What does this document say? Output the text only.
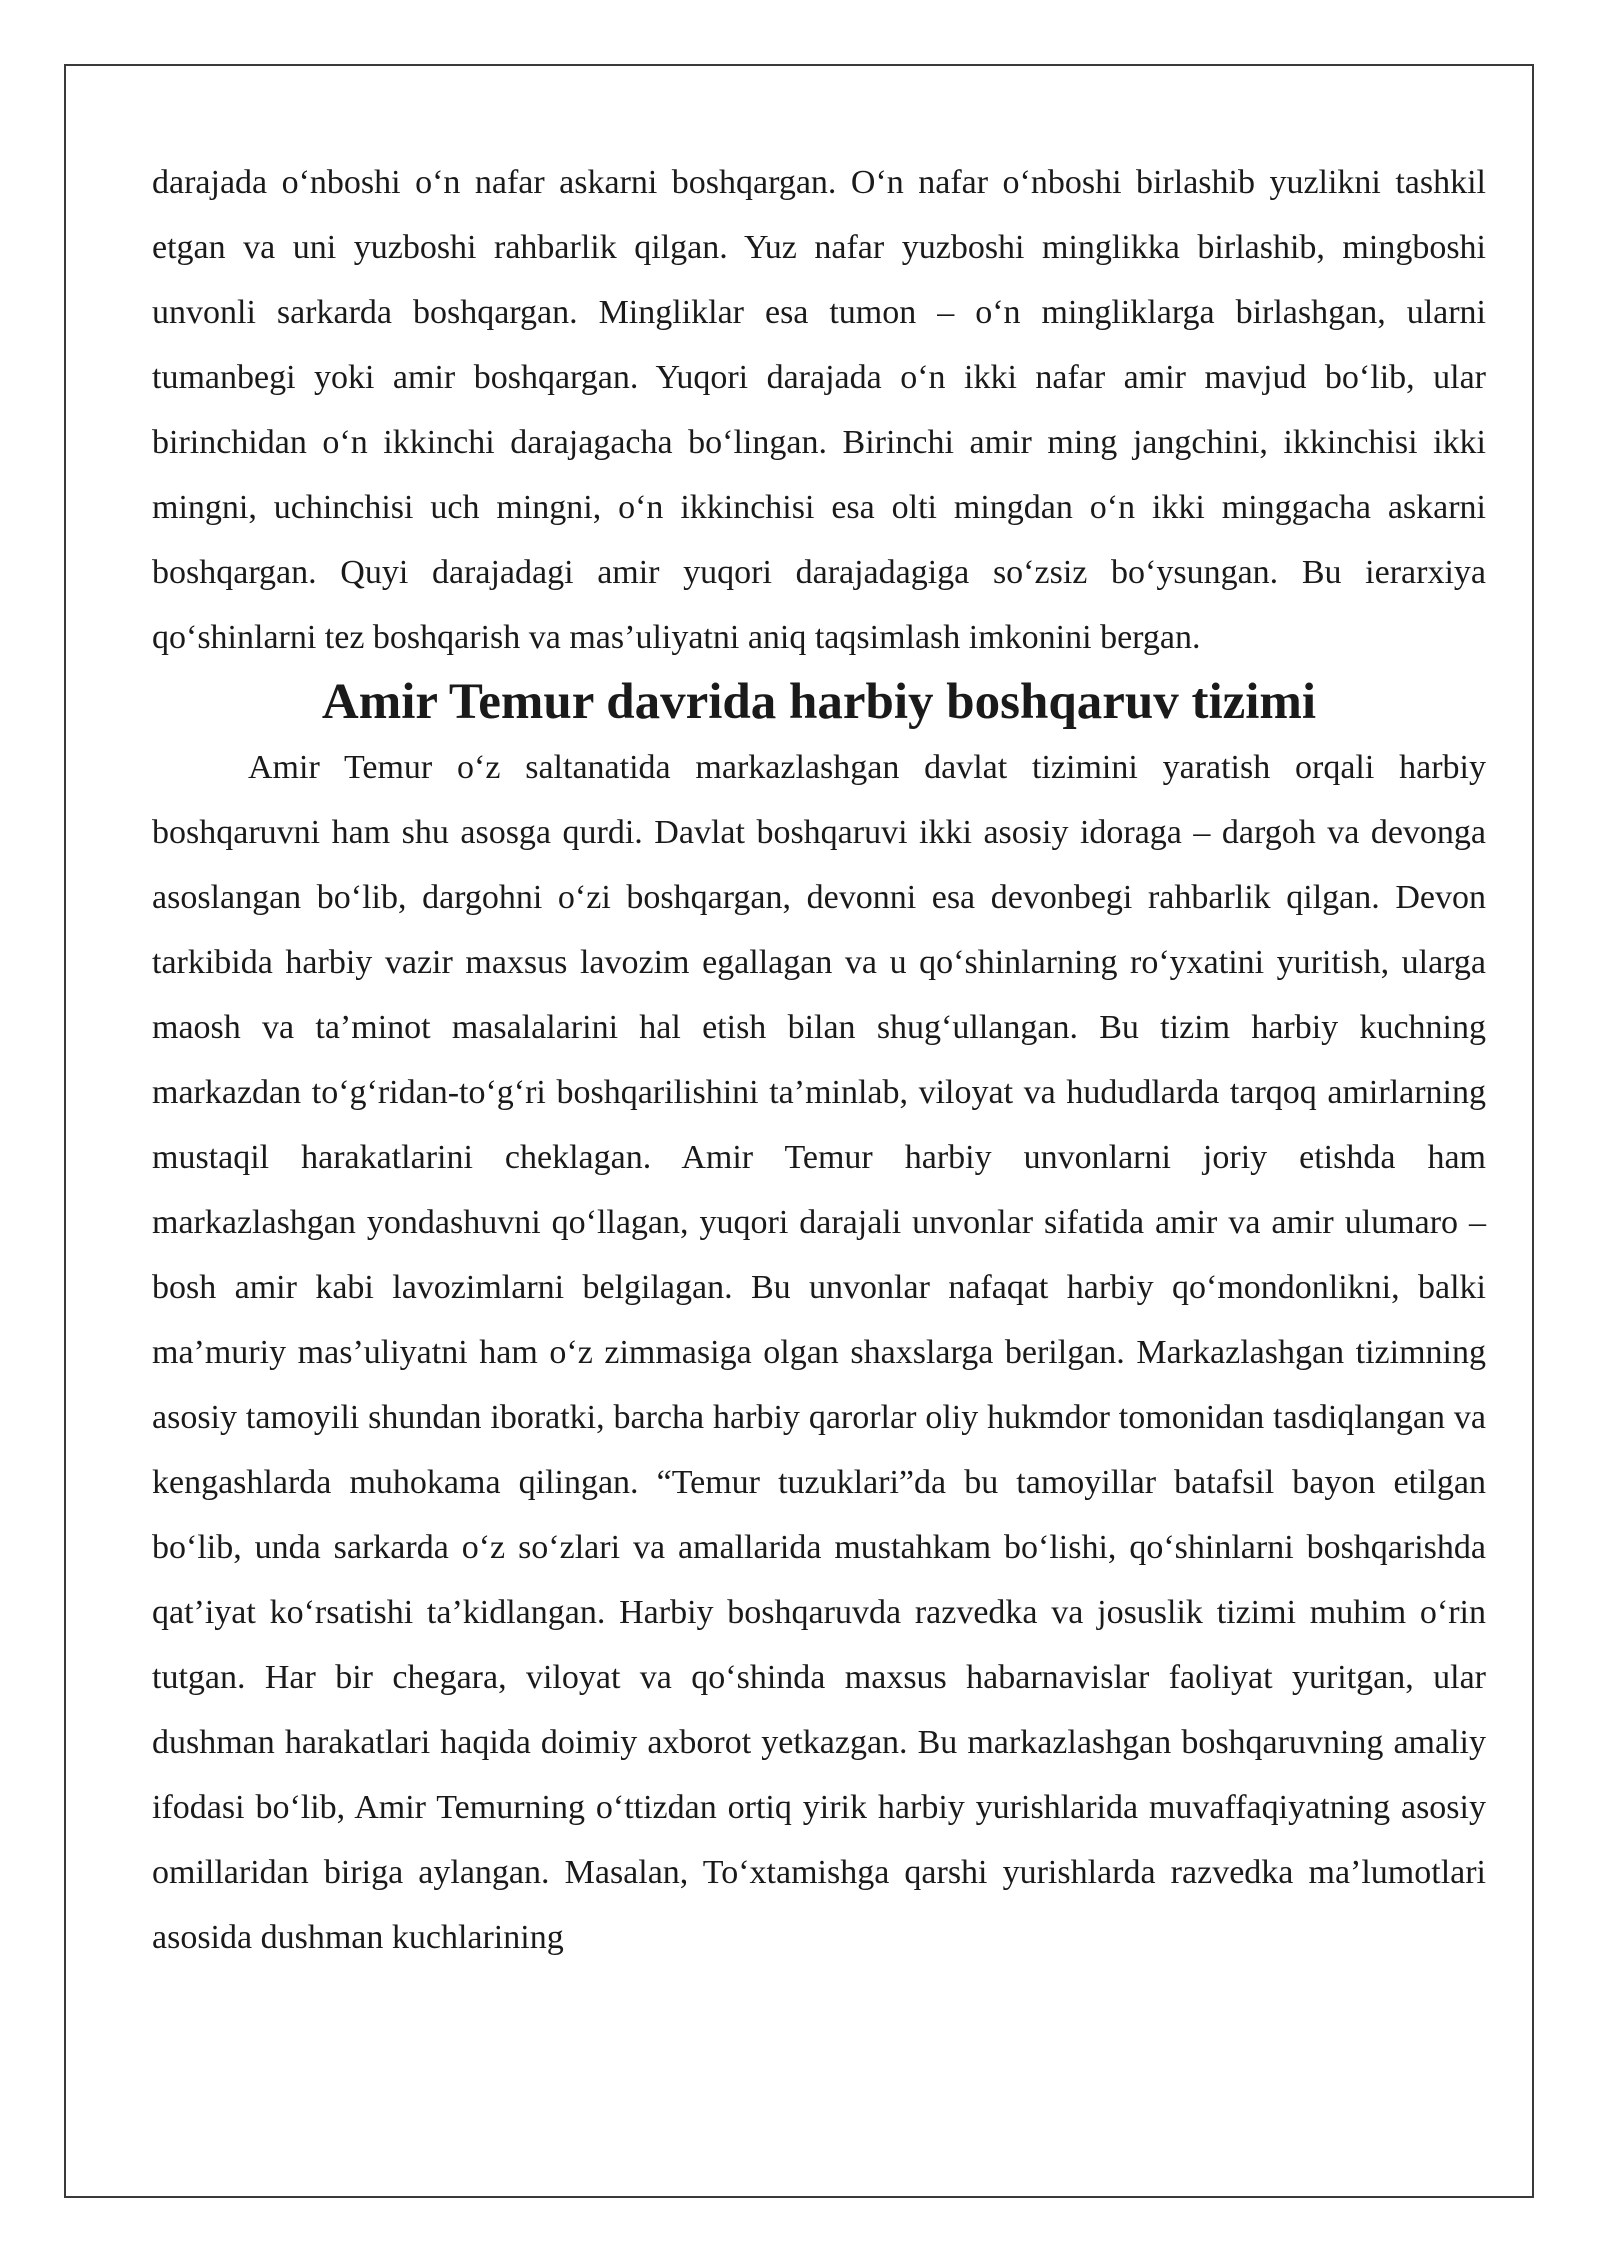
darajada o‘nboshi o‘n nafar askarni boshqargan. O‘n nafar o‘nboshi birlashib yuzlikni tashkil etgan va uni yuzboshi rahbarlik qilgan. Yuz nafar yuzboshi minglikka birlashib, mingboshi unvonli sarkarda boshqargan. Mingliklar esa tumon – o‘n mingliklarga birlashgan, ularni tumanbegi yoki amir boshqargan. Yuqori darajada o‘n ikki nafar amir mavjud bo‘lib, ular birinchidan o‘n ikkinchi darajagacha bo‘lingan. Birinchi amir ming jangchini, ikkinchisi ikki mingni, uchinchisi uch mingni, o‘n ikkinchisi esa olti mingdan o‘n ikki minggacha askarni boshqargan. Quyi darajadagi amir yuqori darajadagiga so‘zsiz bo‘ysungan. Bu ierarxiya qo‘shinlarni tez boshqarish va mas’uliyatni aniq taqsimlash imkonini bergan.

Amir Temur davrida harbiy boshqaruv tizimi

Amir Temur o‘z saltanatida markazlashgan davlat tizimini yaratish orqali harbiy boshqaruvni ham shu asosga qurdi. Davlat boshqaruvi ikki asosiy idoraga – dargoh va devonga asoslangan bo‘lib, dargohni o‘zi boshqargan, devonni esa devonbegi rahbarlik qilgan. Devon tarkibida harbiy vazir maxsus lavozim egallagan va u qo‘shinlarning ro‘yxatini yuritish, ularga maosh va ta’minot masalalarini hal etish bilan shug‘ullangan. Bu tizim harbiy kuchning markazdan to‘g‘ridan-to‘g‘ri boshqarilishini ta’minlab, viloyat va hududlarda tarqoq amirlarning mustaqil harakatlarini cheklagan. Amir Temur harbiy unvonlarni joriy etishda ham markazlashgan yondashuvni qo‘llagan, yuqori darajali unvonlar sifatida amir va amir ulumaro – bosh amir kabi lavozimlarni belgilagan. Bu unvonlar nafaqat harbiy qo‘mondonlikni, balki ma’muriy mas’uliyatni ham o‘z zimmasiga olgan shaxslarga berilgan. Markazlashgan tizimning asosiy tamoyili shundan iboratki, barcha harbiy qarorlar oliy hukmdor tomonidan tasdiqlangan va kengashlarda muhokama qilingan. “Temur tuzuklari”da bu tamoyillar batafsil bayon etilgan bo‘lib, unda sarkarda o‘z so‘zlari va amallarida mustahkam bo‘lishi, qo‘shinlarni boshqarishda qat’iyat ko‘rsatishi ta’kidlangan. Harbiy boshqaruvda razvedka va josuslik tizimi muhim o‘rin tutgan. Har bir chegara, viloyat va qo‘shinda maxsus habarnavislar faoliyat yuritgan, ular dushman harakatlari haqida doimiy axborot yetkazgan. Bu markazlashgan boshqaruvning amaliy ifodasi bo‘lib, Amir Temurning o‘ttizdan ortiq yirik harbiy yurishlarida muvaffaqiyatning asosiy omillaridan biriga aylangan. Masalan, To‘xtamishga qarshi yurishlarda razvedka ma’lumotlari asosida dushman kuchlarining
